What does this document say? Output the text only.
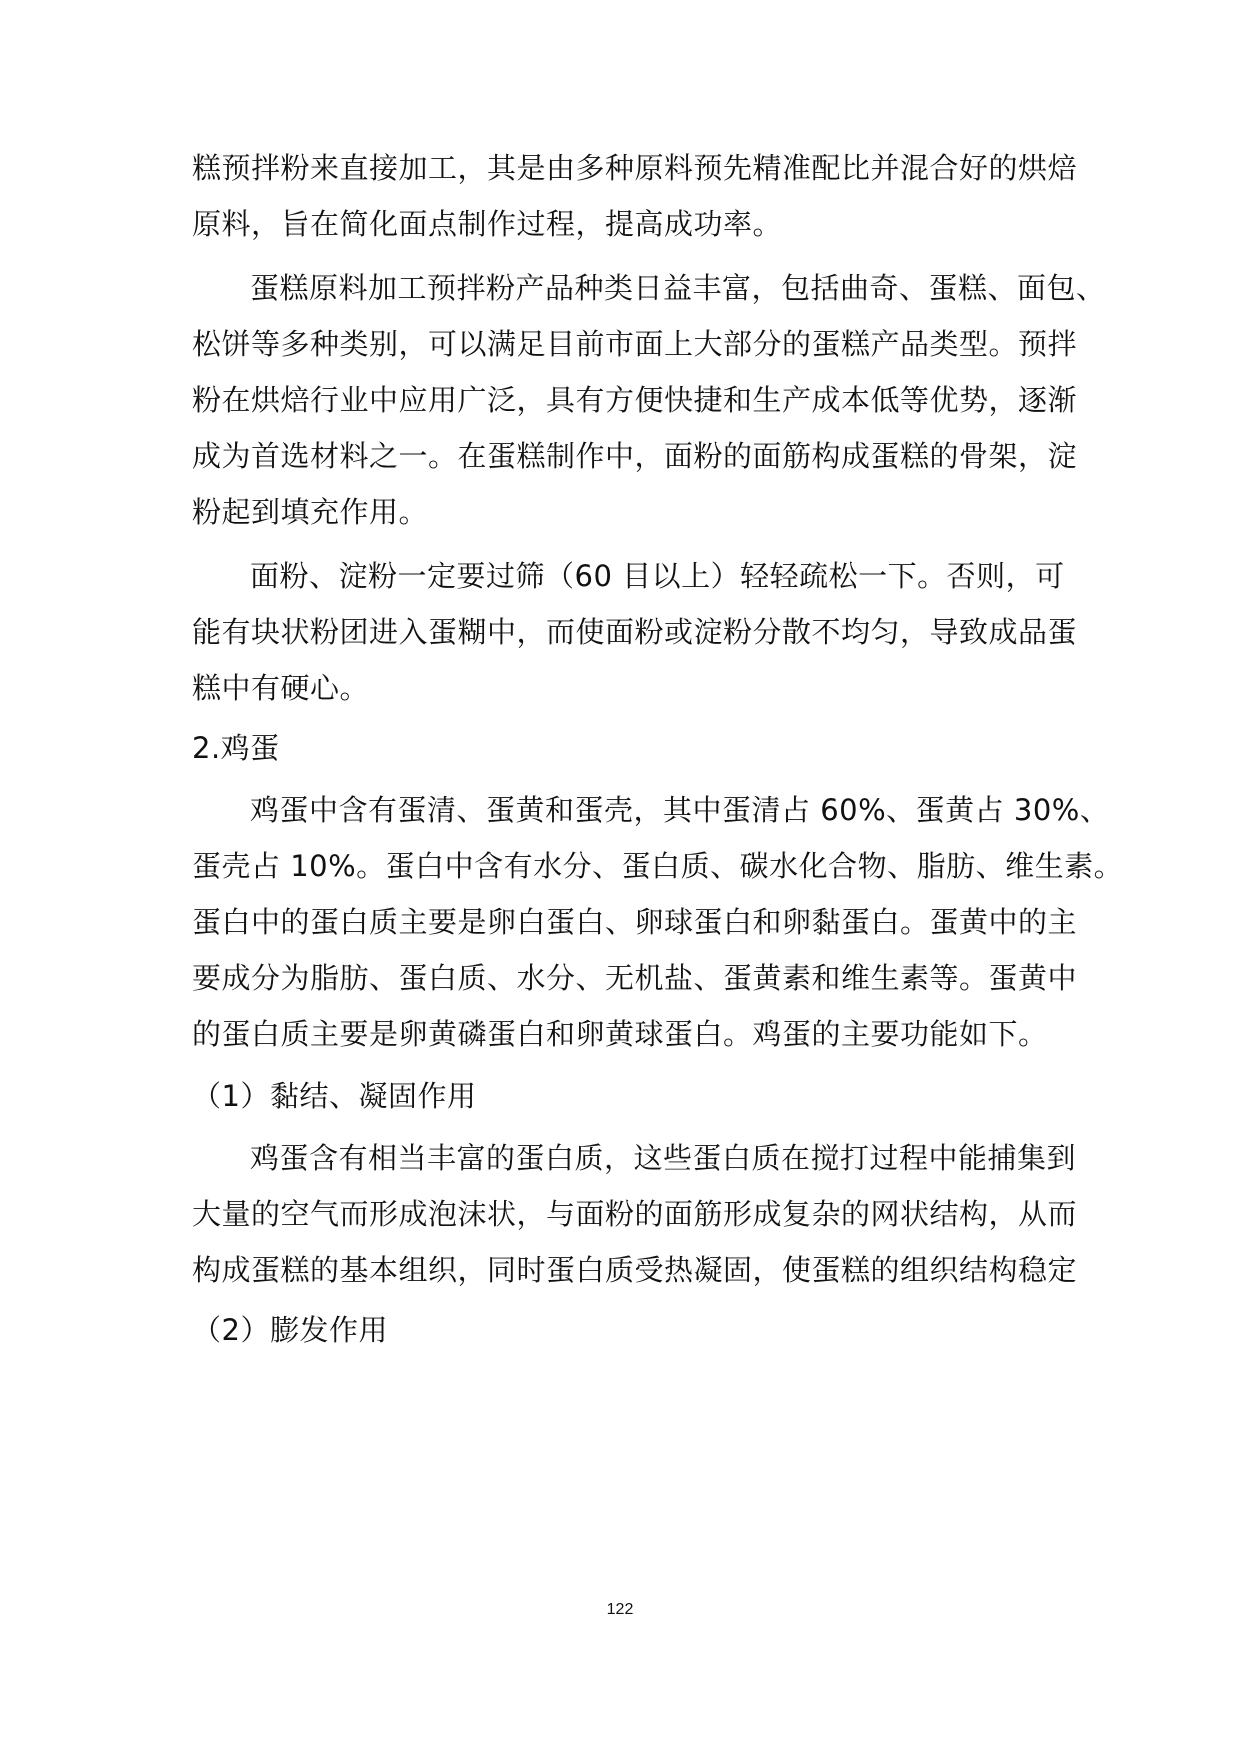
糕预拌粉来直接加工，其是由多种原料预先精准配比并混合好的烘焙
原料，旨在简化面点制作过程，提高成功率。
蛋糕原料加工预拌粉产品种类日益丰富，包括曲奇、蛋糕、面包、
松饼等多种类别，可以满足目前市面上大部分的蛋糕产品类型。预拌
粉在烘焙行业中应用广泛，具有方便快捷和生产成本低等优势，逐渐
成为首选材料之一。在蛋糕制作中，面粉的面筋构成蛋糕的骨架，淀
粉起到填充作用。
面粉、淀粉一定要过筛（60 目以上）轻轻疏松一下。否则，可
能有块状粉团进入蛋糊中，而使面粉或淀粉分散不均匀，导致成品蛋
糕中有硬心。
2.鸡蛋
鸡蛋中含有蛋清、蛋黄和蛋壳，其中蛋清占 60%、蛋黄占 30%、
蛋壳占 10%。蛋白中含有水分、蛋白质、碳水化合物、脂肪、维生素。
蛋白中的蛋白质主要是卵白蛋白、卵球蛋白和卵黏蛋白。蛋黄中的主
要成分为脂肪、蛋白质、水分、无机盐、蛋黄素和维生素等。蛋黄中
的蛋白质主要是卵黄磷蛋白和卵黄球蛋白。鸡蛋的主要功能如下。
（1）黏结、凝固作用
鸡蛋含有相当丰富的蛋白质，这些蛋白质在搅打过程中能捕集到
大量的空气而形成泡沫状，与面粉的面筋形成复杂的网状结构，从而
构成蛋糕的基本组织，同时蛋白质受热凝固，使蛋糕的组织结构稳定
（2）膨发作用
122
